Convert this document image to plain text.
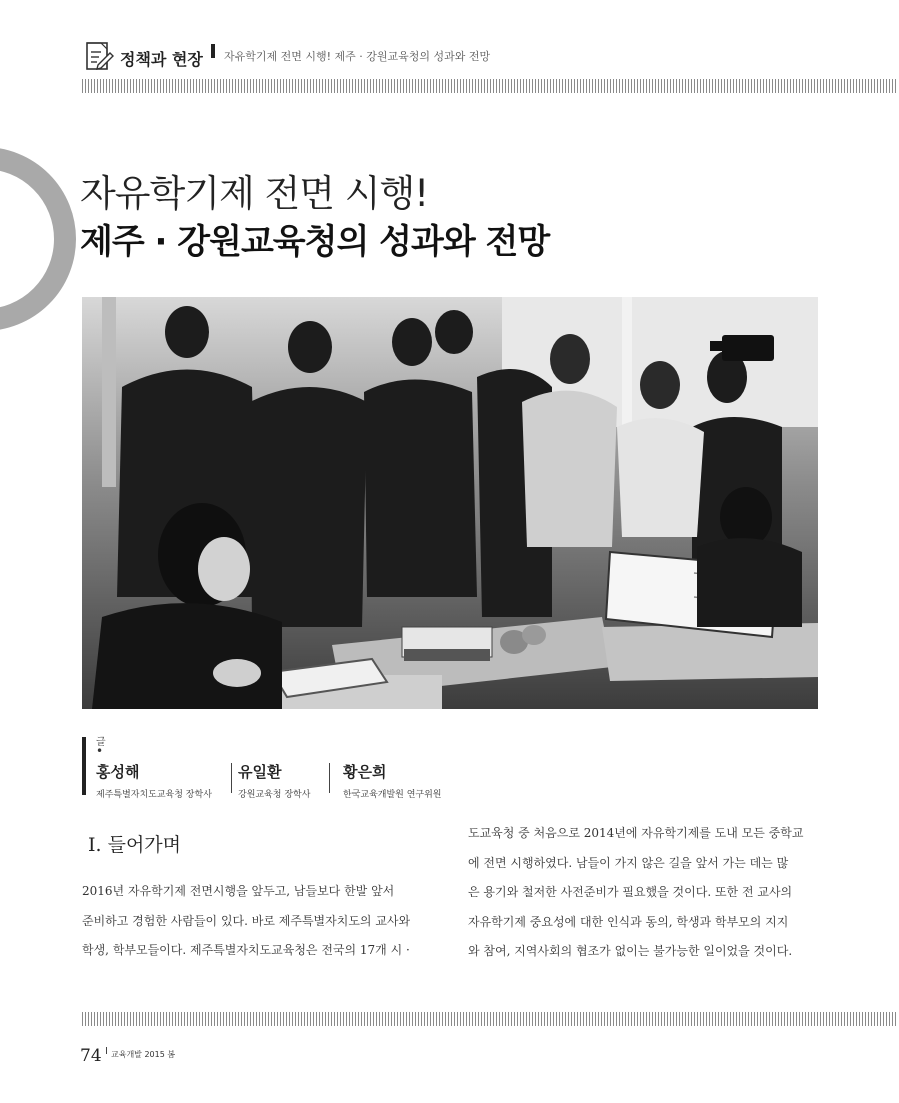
정책과 현장 자유학기제 전면 시행! 제주 · 강원교육청의 성과와 전망
자유학기제 전면 시행!
제주 · 강원교육청의 성과와 전망
글
•
홍성해
제주특별자치도교육청 장학사
유일환
강원교육청 장학사
황은희
한국교육개발원 연구위원
Ⅰ. 들어가며

2016년 자유학기제 전면시행을 앞두고, 남들보다 한발 앞서

준비하고 경험한 사람들이 있다. 바로 제주특별자치도의 교사와

학생, 학부모들이다. 제주특별자치도교육청은 전국의 17개 시 ·

도교육청 중 처음으로 2014년에 자유학기제를 도내 모든 중학교

에 전면 시행하였다. 남들이 가지 않은 길을 앞서 가는 데는 많

은 용기와 철저한 사전준비가 필요했을 것이다. 또한 전 교사의

자유학기제 중요성에 대한 인식과 동의, 학생과 학부모의 지지

와 참여, 지역사회의 협조가 없이는 불가능한 일이었을 것이다.

74 교육개발 2015 봄
